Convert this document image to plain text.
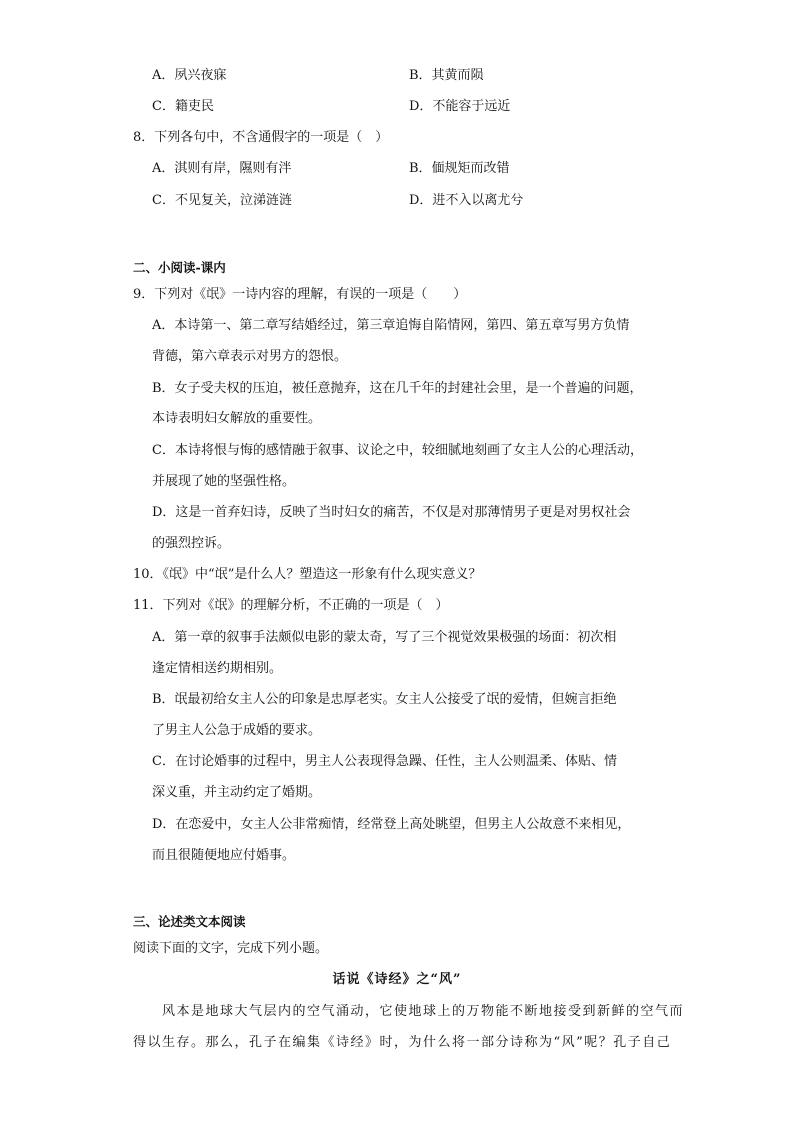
A．夙兴夜寐	B．其黄而陨
C．籍吏民	D．不能容于远近
8．下列各句中，不含通假字的一项是（　）
A．淇则有岸，隰则有泮	B．偭规矩而改错
C．不见复关，泣涕涟涟	D．进不入以离尤兮
二、小阅读-课内
9．下列对《氓》一诗内容的理解，有误的一项是（　　）
A．本诗第一、第二章写结婚经过，第三章追悔自陷情网，第四、第五章写男方负情
背德，第六章表示对男方的怨恨。
B．女子受夫权的压迫，被任意抛弃，这在几千年的封建社会里，是一个普遍的问题，
本诗表明妇女解放的重要性。
C．本诗将恨与悔的感情融于叙事、议论之中，较细腻地刻画了女主人公的心理活动，
并展现了她的坚强性格。
D．这是一首弃妇诗，反映了当时妇女的痛苦，不仅是对那薄情男子更是对男权社会
的强烈控诉。
10．《氓》中“氓”是什么人？塑造这一形象有什么现实意义？
11．下列对《氓》的理解分析，不正确的一项是（　）
A．第一章的叙事手法颇似电影的蒙太奇，写了三个视觉效果极强的场面：初次相
逢定情相送约期相别。
B．氓最初给女主人公的印象是忠厚老实。女主人公接受了氓的爱情，但婉言拒绝
了男主人公急于成婚的要求。
C．在讨论婚事的过程中，男主人公表现得急躁、任性，主人公则温柔、体贴、情
深义重，并主动约定了婚期。
D．在恋爱中，女主人公非常痴情，经常登上高处眺望，但男主人公故意不来相见，
而且很随便地应付婚事。
三、论述类文本阅读
阅读下面的文字，完成下列小题。
话说《诗经》之“风”
　　风本是地球大气层内的空气涌动，它使地球上的万物能不断地接受到新鲜的空气而
得以生存。那么，孔子在编集《诗经》时，为什么将一部分诗称为“风”呢？孔子自己
